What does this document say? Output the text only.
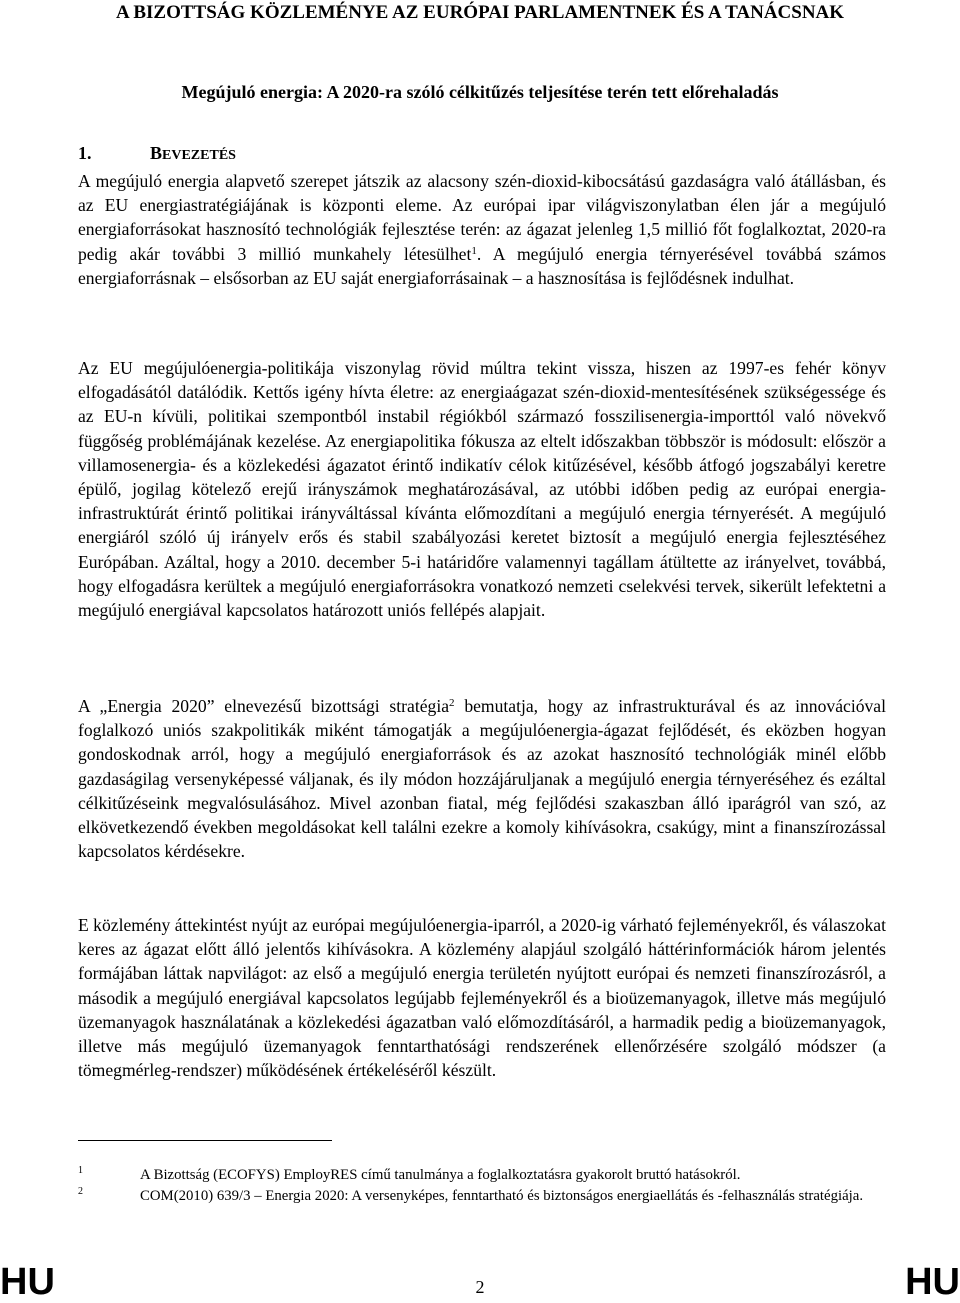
A BIZOTTSÁG KÖZLEMÉNYE AZ EURÓPAI PARLAMENTNEK ÉS A TANÁCSNAK
Megújuló energia: A 2020-ra szóló célkitűzés teljesítése terén tett előrehaladás
1.	BEVEZETÉS

A megújuló energia alapvető szerepet játszik az alacsony szén-dioxid-kibocsátású gazdaságra való átállásban, és az EU energiastratégiájának is központi eleme. Az európai ipar világviszonylatban élen jár a megújuló energiaforrásokat hasznosító technológiák fejlesztése terén: az ágazat jelenleg 1,5 millió főt foglalkoztat, 2020-ra pedig akár további 3 millió munkahely létesülhet$^1$. A megújuló energia térnyerésével továbbá számos energiaforrásnak – elsősorban az EU saját energiaforrásainak – a hasznosítása is fejlődésnek indulhat.

Az EU megújulóenergia-politikája viszonylag rövid múltra tekint vissza, hiszen az 1997-es fehér könyv elfogadásától datálódik. Kettős igény hívta életre: az energiaágazat szén-dioxid-mentesítésének szükségessége és az EU-n kívüli, politikai szempontból instabil régiókból származó fosszilisenergia-importtól való növekvő függőség problémájának kezelése. Az energiapolitika fókusza az eltelt időszakban többször is módosult: először a villamosenergia- és a közlekedési ágazatot érintő indikatív célok kitűzésével, később átfogó jogszabályi keretre épülő, jogilag kötelező erejű irányszámok meghatározásával, az utóbbi időben pedig az európai energia-infrastruktúrát érintő politikai irányváltással kívánta előmozdítani a megújuló energia térnyerését. A megújuló energiáról szóló új irányelv erős és stabil szabályozási keretet biztosít a megújuló energia fejlesztéséhez Európában. Azáltal, hogy a 2010. december 5-i határidőre valamennyi tagállam átültette az irányelvet, továbbá, hogy elfogadásra kerültek a megújuló energiaforrásokra vonatkozó nemzeti cselekvési tervek, sikerült lefektetni a megújuló energiával kapcsolatos határozott uniós fellépés alapjait.

A „Energia 2020” elnevezésű bizottsági stratégia$^2$ bemutatja, hogy az infrastrukturával és az innovációval foglalkozó uniós szakpolitikák miként támogatják a megújulóenergia-ágazat fejlődését, és eközben hogyan gondoskodnak arról, hogy a megújuló energiaforrások és az azokat hasznosító technológiák minél előbb gazdaságilag versenyképessé váljanak, és ily módon hozzájáruljanak a megújuló energia térnyeréséhez és ezáltal célkitűzéseink megvalósulásához. Mivel azonban fiatal, még fejlődési szakaszban álló iparágról van szó, az elkövetkezendő években megoldásokat kell találni ezekre a komoly kihívásokra, csakúgy, mint a finanszírozással kapcsolatos kérdésekre.

E közlemény áttekintést nyújt az európai megújulóenergia-iparról, a 2020-ig várható fejleményekről, és válaszokat keres az ágazat előtt álló jelentős kihívásokra. A közlemény alapjául szolgáló háttérinformációk három jelentés formájában láttak napvilágot: az első a megújuló energia területén nyújtott európai és nemzeti finanszírozásról, a második a megújuló energiával kapcsolatos legújabb fejleményekről és a bioüzemanyagok, illetve más megújuló üzemanyagok használatának a közlekedési ágazatban való előmozdításáról, a harmadik pedig a bioüzemanyagok, illetve más megújuló üzemanyagok fenntarthatósági rendszerének ellenőrzésére szolgáló módszer (a tömegmérleg-rendszer) működésének értékeléséről készült.

1	A Bizottság (ECOFYS) EmployRES című tanulmánya a foglalkoztatásra gyakorolt bruttó hatásokról.
2	COM(2010) 639/3 – Energia 2020: A versenyképes, fenntartható és biztonságos energiaellátás és -felhasználás stratégiája.
HU	2	HU
